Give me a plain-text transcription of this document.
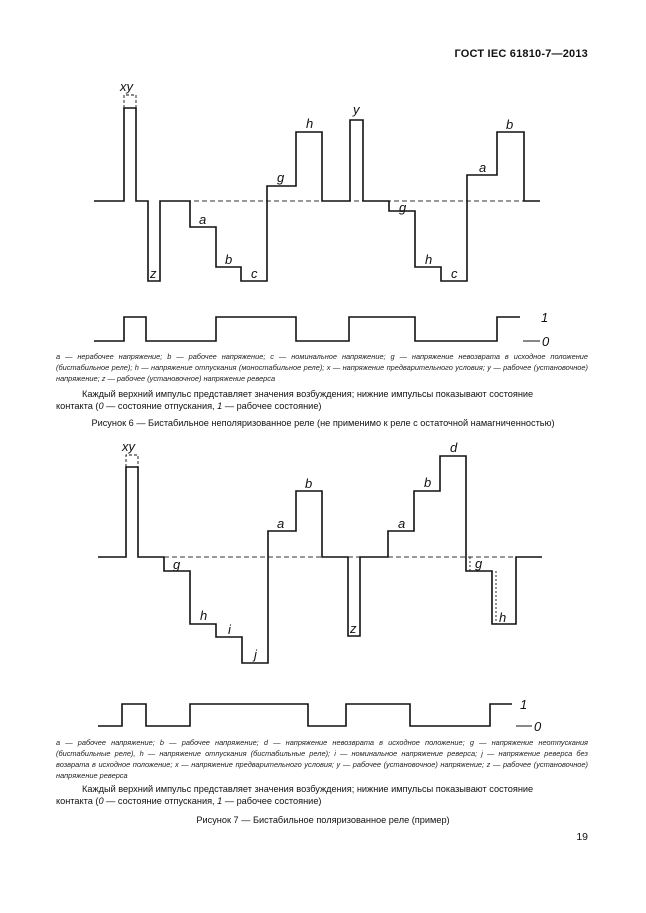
ГОСТ IEC 61810-7—2013
xy
z
a
b
c
g
h
y
g
h
c
a
b
1
0
a — нерабочее напряжение; b — рабочее напряжение; c — номинальное напряжение; g — напряжение невозврата в исходное положение (бистабильное реле); h — напряжение отпускания (моностабильное реле); x — напряжение предварительного условия; y — рабочее (установочное) напряжение; z — рабочее (установочное) напряжение реверса
Каждый верхний импульс представляет значения возбуждения; нижние импульсы показывают состояние
контакта (0 — состояние отпускания, 1 — рабочее состояние)
Рисунок 6 — Бистабильное неполяризованное реле (не применимо к реле с остаточной намагниченностью)
xy
g
h
i
j
a
b
z
a
b
d
g
h
1
0
a — рабочее напряжение; b — рабочее напряжение; d — напряжение невозврата в исходное положение; g — напряжение неотпускания (бистабильные реле), h — напряжение отпускания (бистабильные реле); i — номинальное напряжение реверса; j — напряжение реверса без возврата в исходное положение; x — напряжение предварительного условия; y — рабочее (установочное) напряжение; z — рабочее (установочное) напряжение реверса
Каждый верхний импульс представляет значения возбуждения; нижние импульсы показывают состояние
контакта (0 — состояние отпускания, 1 — рабочее состояние)
Рисунок 7 — Бистабильное поляризованное реле (пример)
19
